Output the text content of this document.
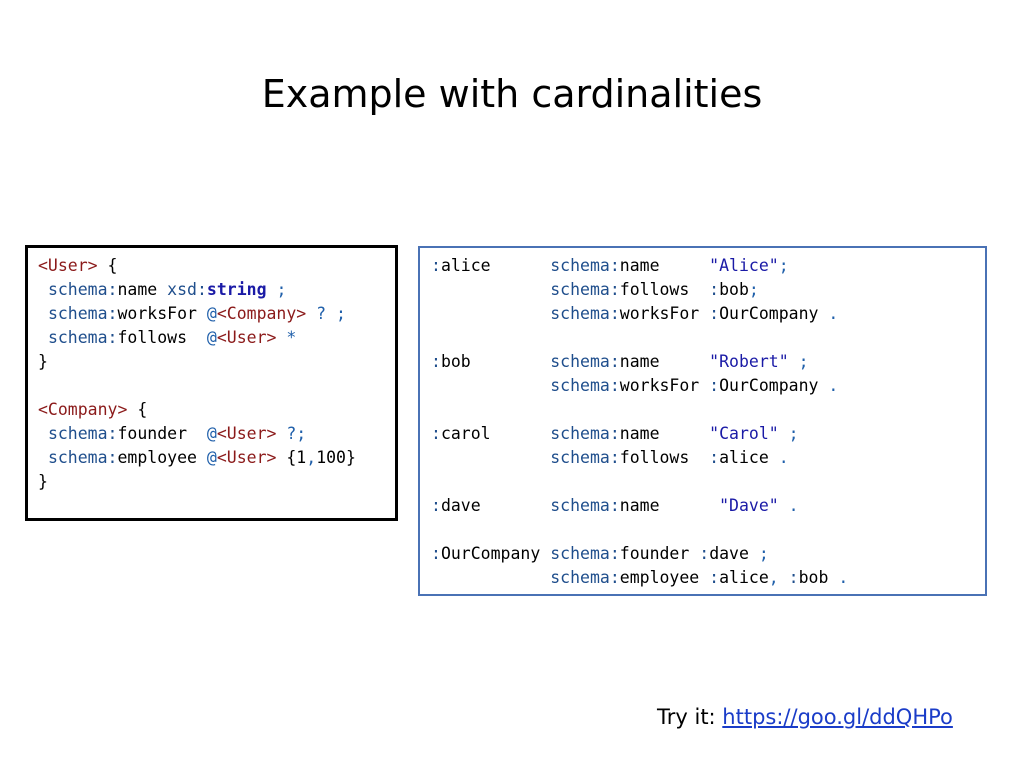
Example with cardinalities
<User> {
schema:name xsd:string ;
schema:worksFor @<Company> ? ;
schema:follows  @<User> *
}
<Company> {
schema:founder  @<User> ?;
schema:employee @<User> {1,100}
}
:alice      schema:name     "Alice";
schema:follows  :bob;
schema:worksFor :OurCompany .
:bob        schema:name     "Robert" ;
schema:worksFor :OurCompany .
:carol      schema:name     "Carol" ;
schema:follows  :alice .
:dave       schema:name      "Dave" .
:OurCompany schema:founder :dave ;
schema:employee :alice, :bob .
Try it: https://goo.gl/ddQHPo
